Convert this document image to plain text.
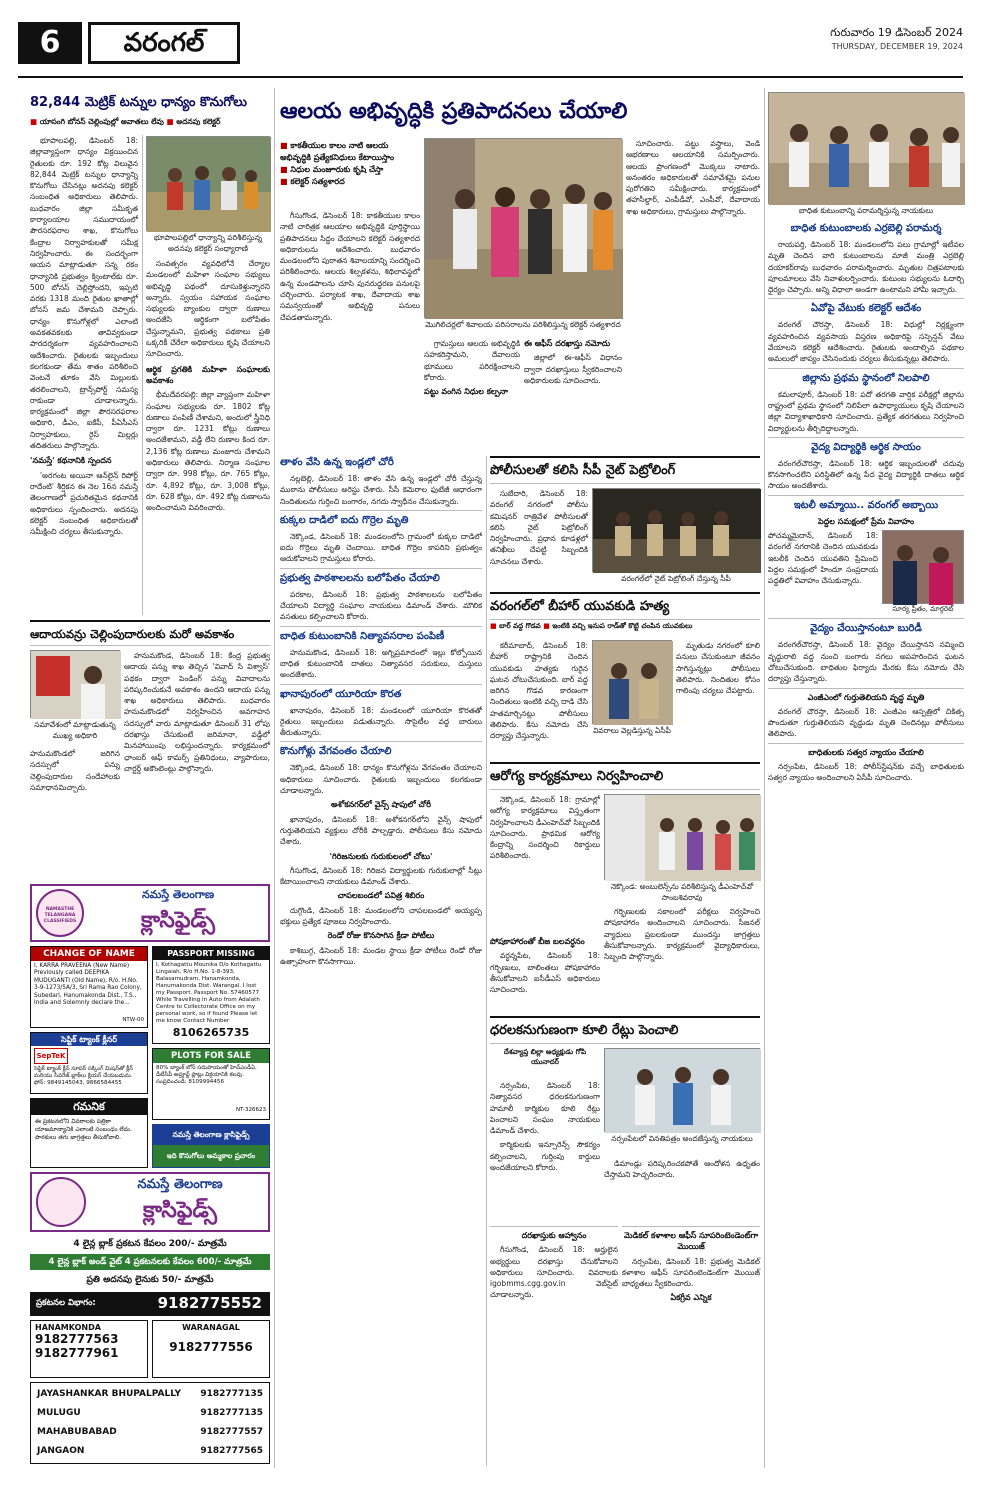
6	వరంగల్	గురువారం 19 డిసెంబర్ 2024
THURSDAY, DECEMBER 19, 2024
82,844 మెట్రిక్ టన్నుల ధాన్యం కొనుగోలు
■ యాసంగి బోనస్ చెల్లింపుల్లో అవాతలు లేవు ■ అదనపు కలెక్టర్

భూపాలపల్లి, డిసెంబర్ 18: జిల్లావ్యాప్తంగా ధాన్యం విక్రయించిన రైతులకు రూ. 192 కోట్ల విలువైన 82,844 మెట్రిక్ టన్నుల ధాన్యాన్ని కొనుగోలు చేసినట్లు అదనపు కలెక్టర్ సంబంధిత అధికారులు తెలిపారు. బుధవారం జిల్లా సమీకృత కార్యాలయాల సముదాయంలో పౌరసరఫరాల శాఖ, కొనుగోలు కేంద్రాల నిర్వాహకులతో సమీక్ష నిర్వహించారు. ఈ సందర్భంగా ఆయన మాట్లాడుతూ సన్న రకం ధాన్యానికి ప్రభుత్వం క్వింటాల్‌కు రూ. 500 బోనస్ చెల్లిస్తోందని, ఇప్పటి వరకు 1318 మంది రైతుల ఖాతాల్లో బోనస్ జమ చేశామని చెప్పారు. ధాన్యం కొనుగోళ్లలో ఎలాంటి అవకతవకలకు తావివ్వకుండా పారదర్శకంగా వ్యవహరించాలని ఆదేశించారు. రైతులకు ఇబ్బందులు కలగకుండా తేమ శాతం పరిశీలించి వెంటనే తూకం వేసి మిల్లులకు తరలించాలని, ట్రాన్స్‌పోర్ట్ సమస్య రాకుండా చూడాలన్నారు. కార్యక్రమంలో జిల్లా పౌరసరఫరాల అధికారి, డీఎం, ఐకేపీ, పీఏసీఎస్ నిర్వాహకులు, రైస్ మిల్లర్లు తదితరులు పాల్గొన్నారు.

'నమస్తే' కథనానికి స్పందన

'అరగంట అయినా ఆన్‌లైన్ రిపోర్ట్ రాదేంటి' శీర్షికన ఈ నెల 16న నమస్తే తెలంగాణలో ప్రచురితమైన కథనానికి అధికారులు స్పందించారు. అదనపు కలెక్టర్ సంబంధిత అధికారులతో సమీక్షించి చర్యలు తీసుకున్నారు.

భూపాలపల్లిలో ధాన్యాన్ని పరిశీలిస్తున్న అదనపు కలెక్టర్ సంధ్యారాణి

సంవత్సరం వ్యవధిలోనే చేర్యాల మండలంలో మహిళా సంఘాల సభ్యులు అభివృద్ధి పథంలో దూసుకెళ్తున్నారని అన్నారు. స్వయం సహాయక సంఘాల సభ్యులకు బ్యాంకుల ద్వారా రుణాలు అందజేసి ఆర్థికంగా బలోపేతం చేస్తున్నామని, ప్రభుత్వ పథకాలు ప్రతి ఒక్కరికీ చేరేలా అధికారులు కృషి చేయాలని సూచించారు.

ఆర్థిక ప్రగతికి మహిళా సంఘాలకు అవకాశం

భీమదేవరపల్లి: జిల్లా వ్యాప్తంగా మహిళా సంఘాల సభ్యులకు రూ. 1802 కోట్ల రుణాలు పంపిణీ చేశామని, అందులో స్త్రీనిధి ద్వారా రూ. 1231 కోట్లు రుణాలు అందజేశామని, వడ్డీ లేని రుణాల కింద రూ. 2,136 కోట్ల రుణాలు మంజూరు చేశామని అధికారులు తెలిపారు. నిర్మాణ సంఘాల ద్వారా రూ. 998 కోట్లు, రూ. 765 కోట్లు, రూ. 4,892 కోట్లు, రూ. 3,008 కోట్లు, రూ. 628 కోట్లు, రూ. 492 కోట్ల రుణాలను అందించామని వివరించారు.

ఆదాయవన్రు చెల్లింపుదారులకు మరో అవకాశం
సమావేశంలో మాట్లాడుతున్న ముఖ్య అధికారి

హనుమకొండ, డిసెంబర్ 18: కేంద్ర ప్రభుత్వ ఆదాయ పన్ను శాఖ తెచ్చిన 'వివాద్ సే విశ్వాస్' పథకం ద్వారా పెండింగ్ పన్ను వివాదాలను పరిష్కరించుకునే అవకాశం ఉందని ఆదాయ పన్ను శాఖ అధికారులు తెలిపారు. బుధవారం హనుమకొండలో నిర్వహించిన అవగాహన సదస్సులో వారు మాట్లాడుతూ డిసెంబర్ 31 లోపు దరఖాస్తు చేసుకుంటే జరిమానా, వడ్డీలో మినహాయింపు లభిస్తుందన్నారు. కార్యక్రమంలో ఛాంబర్ ఆఫ్ కామర్స్ ప్రతినిధులు, వ్యాపారులు, చార్టర్డ్ అకౌంటెంట్లు పాల్గొన్నారు.

హనుమకొండలో జరిగిన సదస్సులో పన్ను చెల్లింపుదారుల సందేహాలకు సమాధానమిచ్చారు.

NAMASTHE TELANGANA CLASSIFIEDS
నమస్తే తెలంగాణ
క్లాసిఫైడ్స్
CHANGE OF NAME
I, KARRA PRAVEENA (New Name) Previously called DEEPIKA MUDUGANTI (Old Name), R/o. H.No. 3-9-1273/5A/3, Sri Rama Rao Colony, Subedari, Hanumakonda Dist., T.S., India and Solemnly declare the...
NTW-00
PASSPORT MISSING
I, Kothagattu Mounika D/o Kothagattu Lingaiah, R/o H.No. 1-8-393, Balasamudram, Hanamkonda, Hanumakonda Dist. Warangal. I lost my Passport. Passport No. 57460577 While Travelling in Auto from Adalath Centre to Collectorate Office on my personal work, so if found Please let me know Contact Number
8106265735
సెప్టిక్ ట్యాంక్ క్లీనర్
SepTeK
సెప్టిక్ ట్యాంక్ క్లీన్ సూపర్ సక్కింగ్ మిషన్‌తో క్లీన్ మరియు సీవరేజ్ బ్లాక్‌లు క్లియర్ చేయబడును. ఫోన్: 9849145043, 9866584455
PLOTS FOR SALE
80% బ్యాంక్ లోన్ సదుపాయంతో హెచ్ఎండీఏ, డీటీసీపీ అప్రూవ్డ్ ప్లాట్లు విక్రయానికి కలవు. సంప్రదించండి: 8109994456
NT-326623
గమనిక
ఈ ప్రకటనలోని వివరాలకు పత్రికా యాజమాన్యానికి ఎలాంటి సంబంధం లేదు. పాఠకులు తగు జాగ్రత్తలు తీసుకోవాలి.	నమస్తే తెలంగాణ క్లాసిఫైడ్స్
ఇది కొనుగోలు అమ్మకాల ప్రచారం
నమస్తే తెలంగాణ
క్లాసిఫైడ్స్
4 లైన్ల బ్లాక్ ప్రకటన కేవలం 200/- మాత్రమే
4 లైన్ల బ్లాక్ అండ్ వైట్ 4 ప్రకటనలకు కేవలం 600/- మాత్రమే
ప్రతి అదనపు లైనుకు 50/- మాత్రమే
ప్రకటనల విభాగం:	9182775552
HANAMKONDA
9182777563
9182777961
WARANAGAL
9182777556
JAYASHANKAR BHUPALPALLY 9182777135
MULUGU	9182777135
MAHABUBABAD	9182777557
JANGAON	9182777565
ఆలయ అభివృద్ధికి ప్రతిపాదనలు చేయాలి
■ కాకతీయుల కాలం నాటి ఆలయ అభివృద్ధికి ప్రత్యేకనిధులు కేటాయిస్తాం
■ నిధుల మంజూరుకు కృషి చేస్తా
■ కలెక్టర్ సత్యశారద

గీసుగొండ, డిసెంబర్ 18: కాకతీయుల కాలం నాటి చారిత్రక ఆలయాల అభివృద్ధికి పూర్తిస్థాయి ప్రతిపాదనలు సిద్ధం చేయాలని కలెక్టర్ సత్యశారద అధికారులను ఆదేశించారు. బుధవారం మండలంలోని పురాతన శివాలయాన్ని సందర్శించి పరిశీలించారు. ఆలయ శిల్పకళను, శిథిలావస్థలో ఉన్న మండపాలను చూసి పునరుద్ధరణ పనులపై చర్చించారు. పర్యాటక శాఖ, దేవాదాయ శాఖ సమన్వయంతో అభివృద్ధి పనులు చేపడతామన్నారు.

మొగిలిచర్లలో శివాలయ పరిసరాలను పరిశీలిస్తున్న కలెక్టర్ సత్యశారద

గ్రామస్తులు ఆలయ అభివృద్ధికి సహకరిస్తామని, దేవాలయ భూములు పరిరక్షించాలని కోరారు.

పట్టు వంగిన నిధుల కల్పనా

ఈ ఆఫీస్ దరఖాస్తు నమోదు

జిల్లాలో ఈ-ఆఫీస్ విధానం ద్వారా దరఖాస్తులు స్వీకరించాలని అధికారులకు సూచించారు.

సూచించారు. పట్టు వస్త్రాలు, వెండి ఆభరణాలు ఆలయానికి సమర్పించారు. ఆలయ ప్రాంగణంలో మొక్కలు నాటారు. అనంతరం అధికారులతో సమావేశమై పనుల పురోగతిని సమీక్షించారు. కార్యక్రమంలో తహసీల్దార్, ఎంపీడీవో, ఎంపీవో, దేవాదాయ శాఖ అధికారులు, గ్రామస్తులు పాల్గొన్నారు.

తాళం వేసి ఉన్న ఇండ్లలో చోరీ

నల్లబెల్లి, డిసెంబర్ 18: తాళం వేసి ఉన్న ఇండ్లలో చోరీ చేస్తున్న ముఠాను పోలీసులు అరెస్టు చేశారు. సీసీ కెమెరాల ఫుటేజీ ఆధారంగా నిందితులను గుర్తించి బంగారం, నగదు స్వాధీనం చేసుకున్నారు.

కుక్కల దాడిలో ఐదు గొర్రెల మృతి

నెక్కొండ, డిసెంబర్ 18: మండలంలోని గ్రామంలో కుక్కల దాడిలో ఐదు గొర్రెలు మృతి చెందాయి. బాధిత గొర్రెల కాపరిని ప్రభుత్వం ఆదుకోవాలని గ్రామస్తులు కోరారు.

ప్రభుత్వ పాఠశాలలను బలోపేతం చేయాలి

పరకాల, డిసెంబర్ 18: ప్రభుత్వ పాఠశాలలను బలోపేతం చేయాలని విద్యార్థి సంఘాల నాయకులు డిమాండ్ చేశారు. మౌలిక వసతులు కల్పించాలని కోరారు.

బాధిత కుటుంబానికి నిత్యావసరాల పంపిణీ

హనుమకొండ, డిసెంబర్ 18: అగ్నిప్రమాదంలో ఇల్లు కోల్పోయిన బాధిత కుటుంబానికి దాతలు నిత్యావసర సరుకులు, దుస్తులు అందజేశారు.

ఖానాపురంలో యూరియా కొరత

ఖానాపురం, డిసెంబర్ 18: మండలంలో యూరియా కొరతతో రైతులు ఇబ్బందులు పడుతున్నారు. సొసైటీల వద్ద బారులు తీరుతున్నారు.

కొనుగోళ్లు వేగవంతం చేయాలి

నెక్కొండ, డిసెంబర్ 18: ధాన్యం కొనుగోళ్లను వేగవంతం చేయాలని అధికారులు సూచించారు. రైతులకు ఇబ్బందులు కలగకుండా చూడాలన్నారు.

అశోకనగర్‌లో వైన్స్ షాపులో చోరీ

ఖానాపురం, డిసెంబర్ 18: అశోకనగర్‌లోని వైన్స్ షాపులో గుర్తుతెలియని వ్యక్తులు చోరీకి పాల్పడ్డారు. పోలీసులు కేసు నమోదు చేశారు.

'గిరిజనులకు గురుకులంలో చోటు'

గీసుగొండ, డిసెంబర్ 18: గిరిజన విద్యార్థులకు గురుకులాల్లో సీట్లు కేటాయించాలని నాయకులు డిమాండ్ చేశారు.

చాపలబండలో పవిత్ర శిబిరం

దుగ్గొండి, డిసెంబర్ 18: మండలంలోని చాపలబండలో అయ్యప్ప భక్తులు ప్రత్యేక పూజలు నిర్వహించారు.

రెండో రోజు కొనసాగిన క్రీడా పోటీలు

కాశిబుగ్గ, డిసెంబర్ 18: మండల స్థాయి క్రీడా పోటీలు రెండో రోజు ఉత్సాహంగా కొనసాగాయి.

పోలీసులతో కలిసి సీపీ నైట్ పెట్రోలింగ్

సుబేదారి, డిసెంబర్ 18: వరంగల్ నగరంలో పోలీసు కమిషనర్ రాత్రివేళ పోలీసులతో కలిసి నైట్ పెట్రోలింగ్ నిర్వహించారు. ప్రధాన కూడళ్లలో తనిఖీలు చేపట్టి సిబ్బందికి సూచనలు చేశారు.

వరంగల్‌లో నైట్ పెట్రోలింగ్ చేస్తున్న సీపీ
వరంగల్‌లో బీహార్ యువకుడి హత్య
■ బార్ వద్ద గొడవ ■ ఇంటికి వచ్చి ఇనుప రాడ్‌తో కొట్టి చంపిన యువకులు

కరీమాబాద్, డిసెంబర్ 18: బీహార్ రాష్ట్రానికి చెందిన యువకుడు హత్యకు గురైన ఘటన చోటుచేసుకుంది. బార్ వద్ద జరిగిన గొడవ కారణంగా నిందితులు ఇంటికి వచ్చి దాడి చేసి హతమార్చినట్లు పోలీసులు తెలిపారు. కేసు నమోదు చేసి దర్యాప్తు చేస్తున్నారు.

వివరాలు వెల్లడిస్తున్న ఏసీపీ

మృతుడు నగరంలో కూలి పనులు చేసుకుంటూ జీవనం సాగిస్తున్నట్లు పోలీసులు తెలిపారు. నిందితుల కోసం గాలింపు చర్యలు చేపట్టారు.

ఆరోగ్య కార్యక్రమాలు నిర్వహించాలి

నెక్కొండ, డిసెంబర్ 18: గ్రామాల్లో ఆరోగ్య కార్యక్రమాలు విస్తృతంగా నిర్వహించాలని డీఎంహెచ్‌వో సిబ్బందికి సూచించారు. ప్రాథమిక ఆరోగ్య కేంద్రాన్ని సందర్శించి రికార్డులు పరిశీలించారు.

నెక్కొండ: అంబులెన్స్‌ను పరిశీలిస్తున్న డీఎంహెచ్‌వో సాంబశివరావు

గర్భిణులకు సకాలంలో పరీక్షలు నిర్వహించి పోషకాహారం అందించాలని సూచించారు. సీజనల్ వ్యాధులు ప్రబలకుండా ముందస్తు జాగ్రత్తలు తీసుకోవాలన్నారు. కార్యక్రమంలో వైద్యాధికారులు, సిబ్బంది పాల్గొన్నారు.

పోషకాహారంతో బీజ బలవర్ధనం

వర్ధన్నపేట, డిసెంబర్ 18: గర్భిణులు, బాలింతలు పోషకాహారం తీసుకోవాలని ఐసీడీఎస్ అధికారులు సూచించారు.

ధరలకనుగుణంగా కూలి రేట్లు పెంచాలి
దేశవ్యాప్త బిల్లా అధ్యక్షుడు గోపి యునాదర్

నర్సంపేట, డిసెంబర్ 18: నిత్యావసర ధరలకనుగుణంగా హమాలీ కార్మికుల కూలి రేట్లు పెంచాలని సంఘం నాయకులు డిమాండ్ చేశారు.

కార్మికులకు ఇన్సూరెన్స్ సౌకర్యం కల్పించాలని, గుర్తింపు కార్డులు అందజేయాలని కోరారు.

నర్సంపేటలో వినతిపత్రం అందజేస్తున్న నాయకులు

డిమాండ్లు పరిష్కరించకపోతే ఆందోళన ఉధృతం చేస్తామని హెచ్చరించారు.

దరఖాస్తుకు ఆహ్వానం

గీసుగొండ, డిసెంబర్ 18: అర్హులైన అభ్యర్థులు దరఖాస్తు చేసుకోవాలని అధికారులు సూచించారు. వివరాలకు igobmms.cgg.gov.in వెబ్‌సైట్ చూడాలన్నారు.

మెడికల్ కళాశాల ఆఫీస్ సూపరింటెండెంట్‌గా మొయిజ్

నర్సంపేట, డిసెంబర్ 18: ప్రభుత్వ మెడికల్ కళాశాల ఆఫీస్ సూపరింటెండెంట్‌గా మొయిజ్ బాధ్యతలు స్వీకరించారు.

ఏకగ్రీవ ఎన్నిక

బాధిత కుటుంబాన్ని పరామర్శిస్తున్న నాయకులు

బాధిత కుటుంబాలకు ఎర్రబెల్లి పరామర్శ

రాయపర్తి, డిసెంబర్ 18: మండలంలోని పలు గ్రామాల్లో ఇటీవల మృతి చెందిన వారి కుటుంబాలను మాజీ మంత్రి ఎర్రబెల్లి దయాకర్‌రావు బుధవారం పరామర్శించారు. మృతుల చిత్రపటాలకు పూలమాలలు వేసి నివాళులర్పించారు. కుటుంబ సభ్యులను ఓదార్చి ధైర్యం చెప్పారు. అన్ని విధాలా అండగా ఉంటామని హామీ ఇచ్చారు.

ఏవోపై వేటుకు కలెక్టర్ ఆదేశం

వరంగల్ చౌరస్తా, డిసెంబర్ 18: విధుల్లో నిర్లక్ష్యంగా వ్యవహరించిన వ్యవసాయ విస్తరణ అధికారిపై సస్పెన్షన్ వేటు వేయాలని కలెక్టర్ ఆదేశించారు. రైతులకు అందాల్సిన పథకాల అమలులో జాప్యం చేసినందుకు చర్యలు తీసుకున్నట్లు తెలిపారు.

జిల్లాను ప్రథమ స్థానంలో నిలపాలి

కమలాపూర్, డిసెంబర్ 18: పదో తరగతి వార్షిక పరీక్షల్లో జిల్లాను రాష్ట్రంలో ప్రథమ స్థానంలో నిలిపేలా ఉపాధ్యాయులు కృషి చేయాలని జిల్లా విద్యాశాఖాధికారి సూచించారు. ప్రత్యేక తరగతులు నిర్వహించి విద్యార్థులను తీర్చిదిద్దాలన్నారు.

వైద్య విద్యార్థికి ఆర్థిక సాయం

వరంగల్‌చౌరస్తా, డిసెంబర్ 18: ఆర్థిక ఇబ్బందులతో చదువు కొనసాగించలేని పరిస్థితిలో ఉన్న పేద వైద్య విద్యార్థికి దాతలు ఆర్థిక సాయం అందజేశారు.

ఇటలీ అమ్మాయి.. వరంగల్ అబ్బాయి

పెద్దల సమక్షంలో ప్రేమ వివాహం

పోచమ్మమైదాన్, డిసెంబర్ 18: వరంగల్ నగరానికి చెందిన యువకుడు ఇటలీకి చెందిన యువతిని ప్రేమించి పెద్దల సమక్షంలో హిందూ సంప్రదాయ పద్ధతిలో వివాహం చేసుకున్నారు.
సూర్య ప్రీతం, మార్గరెట్

వైద్యం చేయిస్తానంటూ బురిడీ

వరంగల్‌చౌరస్తా, డిసెంబర్ 18: వైద్యం చేయిస్తానని నమ్మించి వృద్ధురాలి వద్ద నుంచి బంగారు నగలు అపహరించిన ఘటన చోటుచేసుకుంది. బాధితుల ఫిర్యాదు మేరకు కేసు నమోదు చేసి దర్యాప్తు చేస్తున్నారు.

ఎంజీఎంలో గుర్తుతెలియని వృద్ధ మృతి

వరంగల్ చౌరస్తా, డిసెంబర్ 18: ఎంజీఎం ఆస్పత్రిలో చికిత్స పొందుతూ గుర్తుతెలియని వృద్ధుడు మృతి చెందినట్లు పోలీసులు తెలిపారు.

బాధితులకు సత్వర న్యాయం చేయాలి

నర్సంపేట, డిసెంబర్ 18: పోలీస్‌స్టేషన్‌కు వచ్చే బాధితులకు సత్వర న్యాయం అందించాలని ఏసీపీ సూచించారు.
